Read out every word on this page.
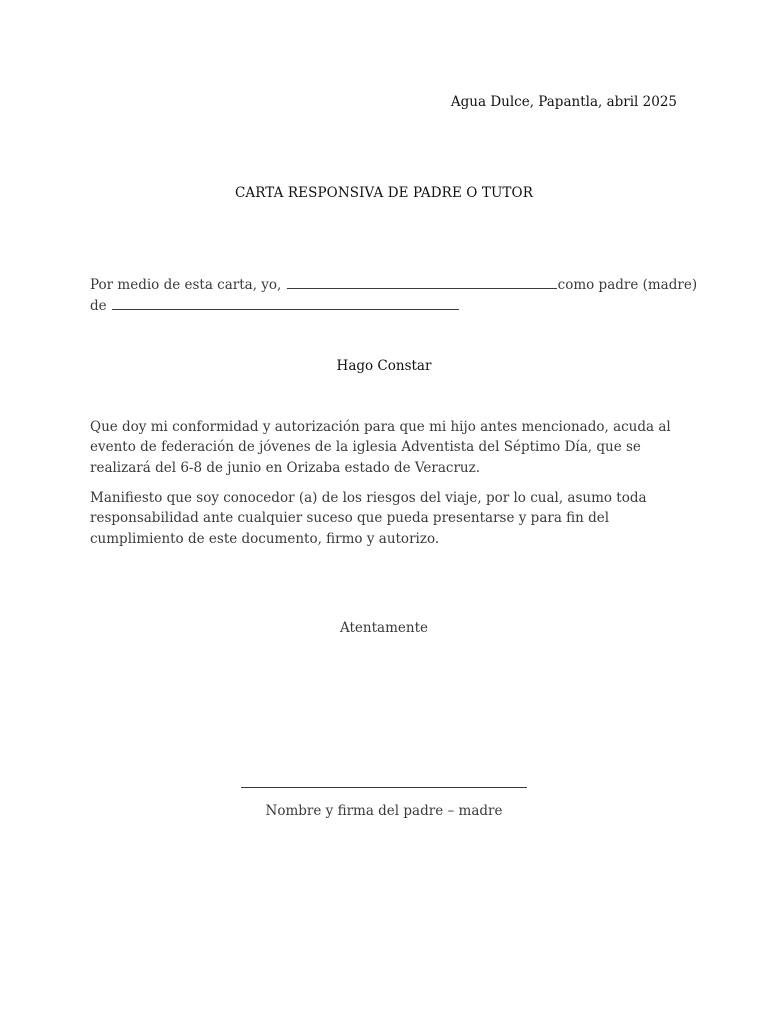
Agua Dulce, Papantla, abril 2025
CARTA RESPONSIVA DE PADRE O TUTOR
Por medio de esta carta, yo,	como padre (madre)
de
Hago Constar

Que doy mi conformidad y autorización para que mi hijo antes mencionado, acuda al evento de federación de jóvenes de la iglesia Adventista del Séptimo Día, que se realizará del 6-8 de junio en Orizaba estado de Veracruz.

Manifiesto que soy conocedor (a) de los riesgos del viaje, por lo cual, asumo toda responsabilidad ante cualquier suceso que pueda presentarse y para fin del cumplimiento de este documento, firmo y autorizo.

Atentamente
Nombre y firma del padre – madre
